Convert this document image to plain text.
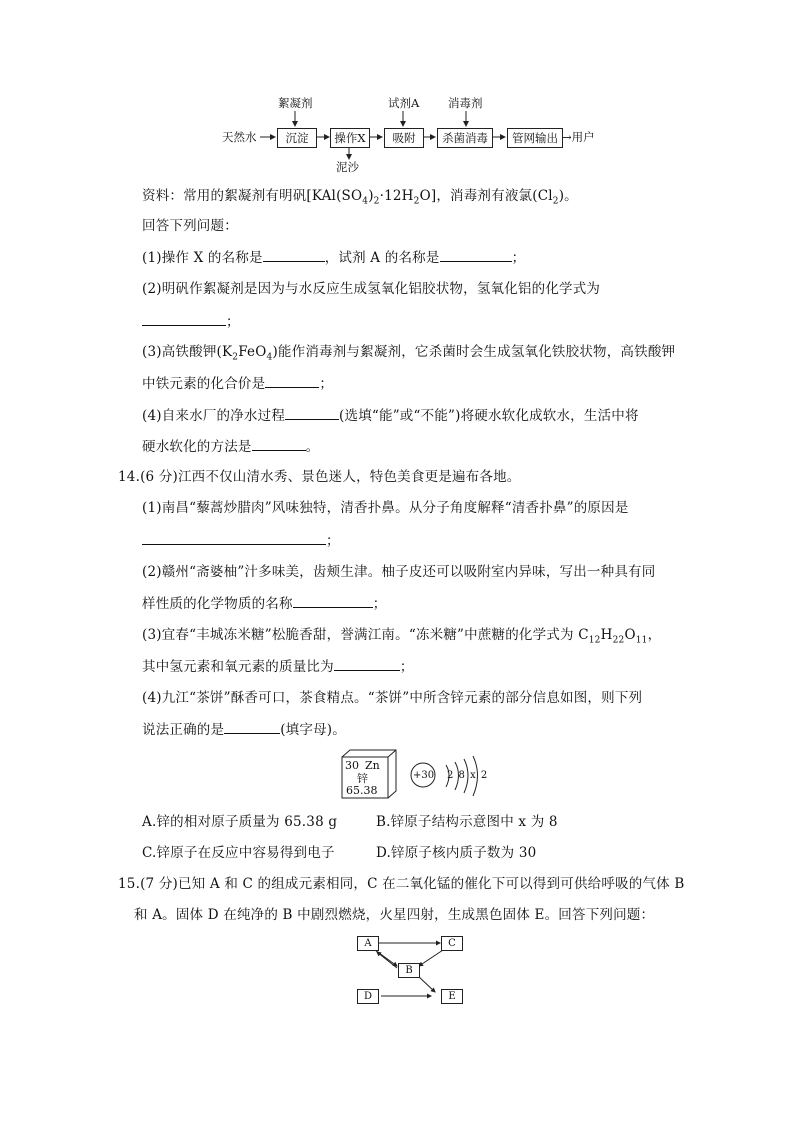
天然水	沉淀	操作X	吸附	杀菌消毒	管网输出 →用户
絮凝剂	试剂A 消毒剂
泥沙
资料：常用的絮凝剂有明矾$[KAl(SO_4)_2\cdot 12H_2O]$，消毒剂有液氯$(Cl_2)$。
回答下列问题：
(1)操作 X 的名称是	，试剂 A 的名称是	；
(2)明矾作絮凝剂是因为与水反应生成氢氧化铝胶状物，氢氧化铝的化学式为
；
(3)高铁酸钾$(K_2FeO_4)$能作消毒剂与絮凝剂，它杀菌时会生成氢氧化铁胶状物，高铁酸钾
中铁元素的化合价是	；
(4)自来水厂的净水过程	(选填“能”或“不能”)将硬水软化成软水，生活中将
硬水软化的方法是	。
14.(6 分)江西不仅山清水秀、景色迷人，特色美食更是遍布各地。
(1)南昌“藜蒿炒腊肉”风味独特，清香扑鼻。从分子角度解释“清香扑鼻”的原因是
；
(2)赣州“斋婆柚”汁多味美，齿颊生津。柚子皮还可以吸附室内异味，写出一种具有同
样性质的化学物质的名称	；
(3)宜春“丰城冻米糖”松脆香甜，誉满江南。“冻米糖”中蔗糖的化学式为 $C_{12}H_{22}O_{11}$，
其中氢元素和氧元素的质量比为	；
(4)九江“茶饼”酥香可口，茶食精点。“茶饼”中所含锌元素的部分信息如图，则下列
说法正确的是	(填字母)。
30 Zn
锌
65.38
+30 2 8 x 2
A.锌的相对原子质量为 65.38 g	B.锌原子结构示意图中 x 为 8
C.锌原子在反应中容易得到电子	D.锌原子核内质子数为 30
15.(7 分)已知 A 和 C 的组成元素相同，C 在二氧化锰的催化下可以得到可供给呼吸的气体 B
和 A。固体 D 在纯净的 B 中剧烈燃烧，火星四射，生成黑色固体 E。回答下列问题：
A	C
B
D	E
